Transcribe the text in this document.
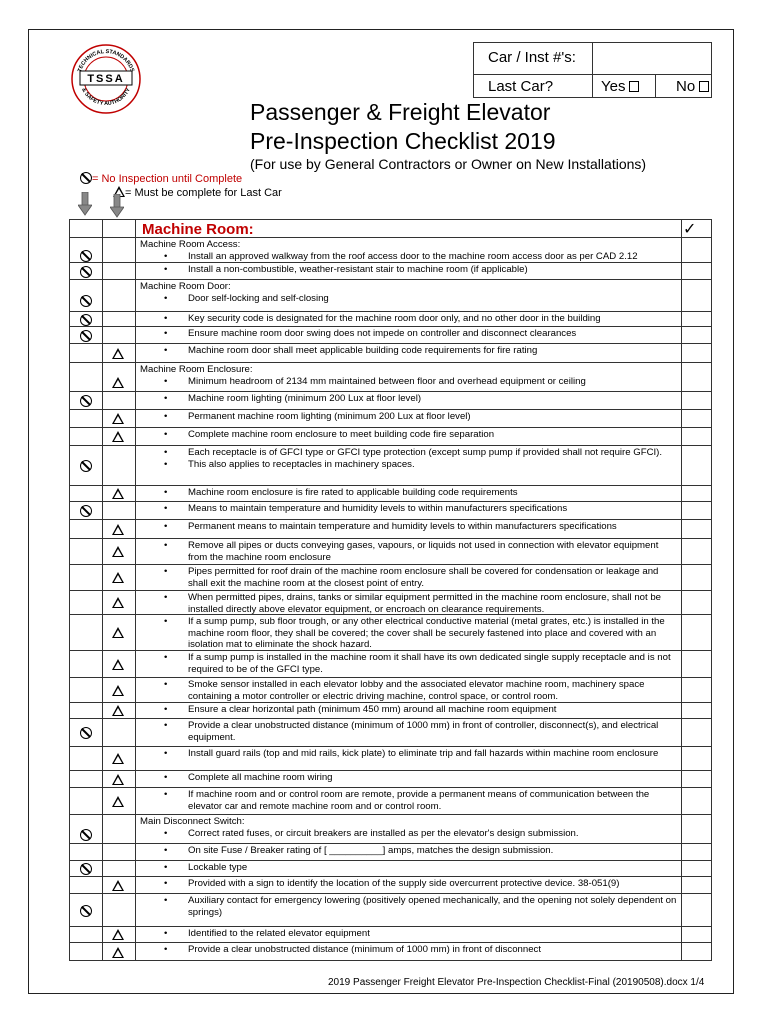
TSSA
TECHNICAL STANDARDS
& SAFETY AUTHORITY
Car / Inst #'s:
Last Car?	Yes	No
Passenger & Freight Elevator
Pre-Inspection Checklist 2019
(For use by General Contractors or Owner on New Installations)
= No Inspection until Complete
= Must be complete for Last Car
Machine Room:
Machine Room Access:
• Install an approved walkway from the roof access door to the machine room access door as per CAD 2.12
• Install a non-combustible, weather-resistant stair to machine room (if applicable)
Machine Room Door:
• Door self-locking and self-closing
• Key security code is designated for the machine room door only, and no other door in the building
• Ensure machine room door swing does not impede on controller and disconnect clearances
• Machine room door shall meet applicable building code requirements for fire rating
Machine Room Enclosure:
• Minimum headroom of 2134 mm maintained between floor and overhead equipment or ceiling
• Machine room lighting (minimum 200 Lux at floor level)
• Permanent machine room lighting (minimum 200 Lux at floor level)
• Complete machine room enclosure to meet building code fire separation
• Each receptacle is of GFCI type or GFCI type protection (except sump pump if provided shall not require GFCI).
• This also applies to receptacles in machinery spaces.
• Machine room enclosure is fire rated to applicable building code requirements
• Means to maintain temperature and humidity levels to within manufacturers specifications
• Permanent means to maintain temperature and humidity levels to within manufacturers specifications
• Remove all pipes or ducts conveying gases, vapours, or liquids not used in connection with elevator equipment from the machine room enclosure
• Pipes permitted for roof drain of the machine room enclosure shall be covered for condensation or leakage and shall exit the machine room at the closest point of entry.
• When permitted pipes, drains, tanks or similar equipment permitted in the machine room enclosure, shall not be installed directly above elevator equipment, or encroach on clearance requirements.
• If a sump pump, sub floor trough, or any other electrical conductive material (metal grates, etc.) is installed in the machine room floor, they shall be covered; the cover shall be securely fastened into place and covered with an isolation mat to eliminate the shock hazard.
• If a sump pump is installed in the machine room it shall have its own dedicated single supply receptacle and is not required to be of the GFCI type.
• Smoke sensor installed in each elevator lobby and the associated elevator machine room, machinery space containing a motor controller or electric driving machine, control space, or control room.
• Ensure a clear horizontal path (minimum 450 mm) around all machine room equipment
• Provide a clear unobstructed distance (minimum of 1000 mm) in front of controller, disconnect(s), and electrical equipment.
• Install guard rails (top and mid rails, kick plate) to eliminate trip and fall hazards within machine room enclosure
• Complete all machine room wiring
• If machine room and or control room are remote, provide a permanent means of communication between the elevator car and remote machine room and or control room.
Main Disconnect Switch:
• Correct rated fuses, or circuit breakers are installed as per the elevator's design submission.
• On site Fuse / Breaker rating of [ __________] amps, matches the design submission.
• Lockable type
• Provided with a sign to identify the location of the supply side overcurrent protective device. 38-051(9)
• Auxiliary contact for emergency lowering (positively opened mechanically, and the opening not solely dependent on springs)
• Identified to the related elevator equipment
• Provide a clear unobstructed distance (minimum of 1000 mm) in front of disconnect
✓
2019 Passenger Freight Elevator Pre-Inspection Checklist-Final (20190508).docx 1/4
